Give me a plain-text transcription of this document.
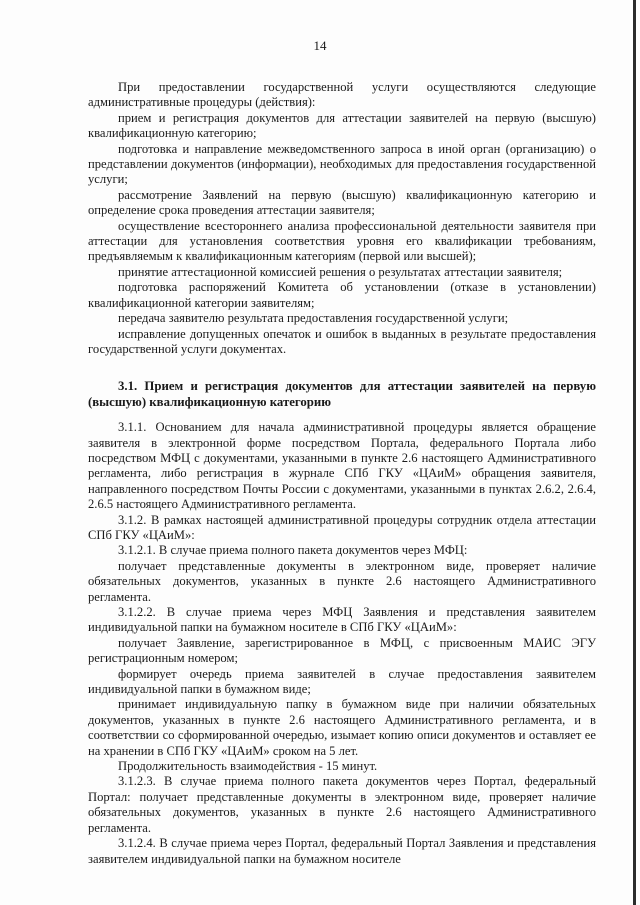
14

При предоставлении государственной услуги осуществляются следующие административные процедуры (действия):

прием и регистрация документов для аттестации заявителей на первую (высшую) квалификационную категорию;

подготовка и направление межведомственного запроса в иной орган (организацию) о представлении документов (информации), необходимых для предоставления государственной услуги;

рассмотрение Заявлений на первую (высшую) квалификационную категорию и определение срока проведения аттестации заявителя;

осуществление всестороннего анализа профессиональной деятельности заявителя при аттестации для установления соответствия уровня его квалификации требованиям, предъявляемым к квалификационным категориям (первой или высшей);

принятие аттестационной комиссией решения о результатах аттестации заявителя;

подготовка распоряжений Комитета об установлении (отказе в установлении) квалификационной категории заявителям;

передача заявителю результата предоставления государственной услуги;

исправление допущенных опечаток и ошибок в выданных в результате предоставления государственной услуги документах.

3.1. Прием и регистрация документов для аттестации заявителей на первую (высшую) квалификационную категорию

3.1.1. Основанием для начала административной процедуры является обращение заявителя в электронной форме посредством Портала, федерального Портала либо посредством МФЦ с документами, указанными в пункте 2.6 настоящего Административного регламента, либо регистрация в журнале СПб ГКУ «ЦАиМ» обращения заявителя, направленного посредством Почты России с документами, указанными в пунктах 2.6.2, 2.6.4, 2.6.5 настоящего Административного регламента.

3.1.2. В рамках настоящей административной процедуры сотрудник отдела аттестации СПб ГКУ «ЦАиМ»:

3.1.2.1. В случае приема полного пакета документов через МФЦ:

получает представленные документы в электронном виде, проверяет наличие обязательных документов, указанных в пункте 2.6 настоящего Административного регламента.

3.1.2.2. В случае приема через МФЦ Заявления и представления заявителем индивидуальной папки на бумажном носителе в СПб ГКУ «ЦАиМ»:

получает Заявление, зарегистрированное в МФЦ, с присвоенным МАИС ЭГУ регистрационным номером;

формирует очередь приема заявителей в случае предоставления заявителем индивидуальной папки в бумажном виде;

принимает индивидуальную папку в бумажном виде при наличии обязательных документов, указанных в пункте 2.6 настоящего Административного регламента, и в соответствии со сформированной очередью, изымает копию описи документов и оставляет ее на хранении в СПб ГКУ «ЦАиМ» сроком на 5 лет.

Продолжительность взаимодействия - 15 минут.

3.1.2.3. В случае приема полного пакета документов через Портал, федеральный Портал: получает представленные документы в электронном виде, проверяет наличие обязательных документов, указанных в пункте 2.6 настоящего Административного регламента.

3.1.2.4. В случае приема через Портал, федеральный Портал Заявления и представления заявителем индивидуальной папки на бумажном носителе
